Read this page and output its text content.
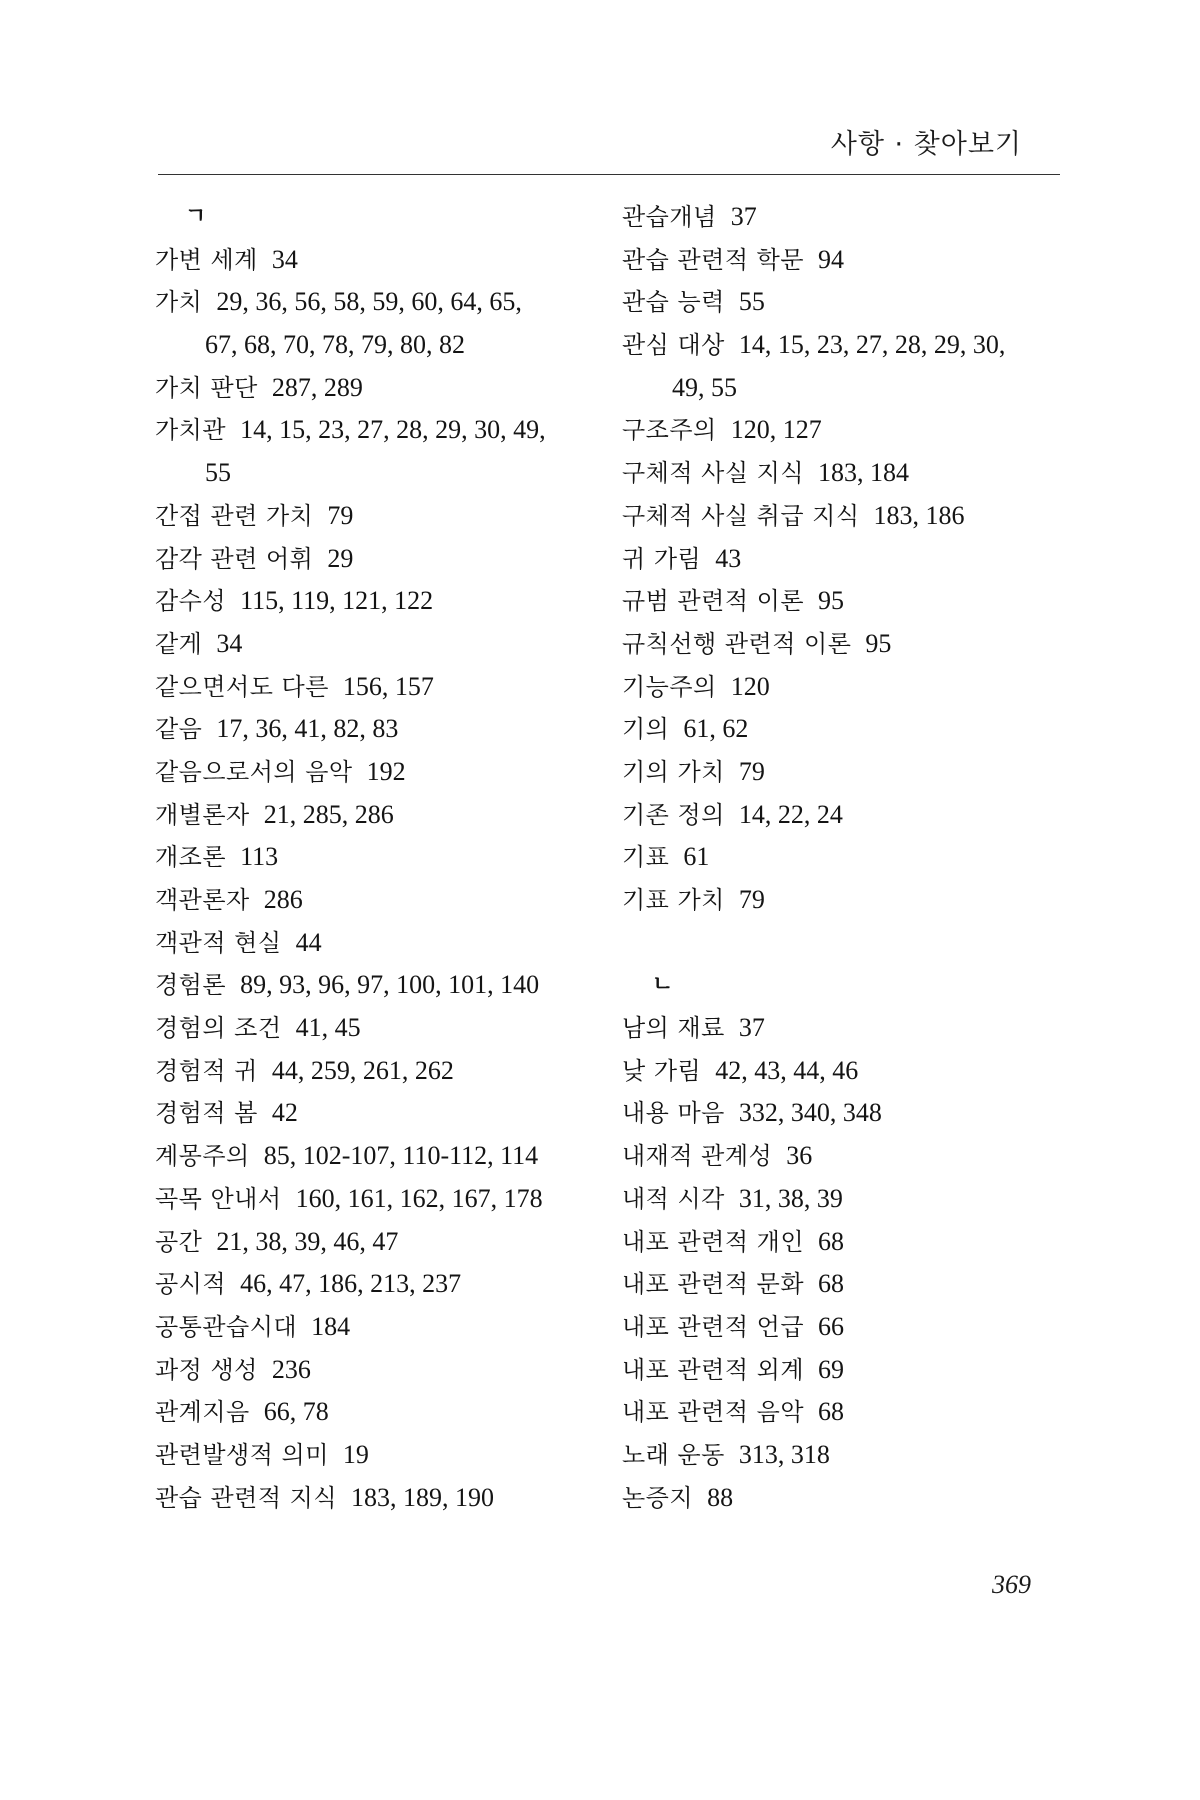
사항 · 찾아보기
ㄱ
가변 세계 34
가치 29, 36, 56, 58, 59, 60, 64, 65,
67, 68, 70, 78, 79, 80, 82
가치 판단 287, 289
가치관 14, 15, 23, 27, 28, 29, 30, 49,
55
간접 관련 가치 79
감각 관련 어휘 29
감수성 115, 119, 121, 122
같게 34
같으면서도 다른 156, 157
같음 17, 36, 41, 82, 83
같음으로서의 음악 192
개별론자 21, 285, 286
개조론 113
객관론자 286
객관적 현실 44
경험론 89, 93, 96, 97, 100, 101, 140
경험의 조건 41, 45
경험적 귀 44, 259, 261, 262
경험적 봄 42
계몽주의 85, 102-107, 110-112, 114
곡목 안내서 160, 161, 162, 167, 178
공간 21, 38, 39, 46, 47
공시적 46, 47, 186, 213, 237
공통관습시대 184
과정 생성 236
관계지음 66, 78
관련발생적 의미 19
관습 관련적 지식 183, 189, 190
관습개념 37
관습 관련적 학문 94
관습 능력 55
관심 대상 14, 15, 23, 27, 28, 29, 30,
49, 55
구조주의 120, 127
구체적 사실 지식 183, 184
구체적 사실 취급 지식 183, 186
귀 가림 43
규범 관련적 이론 95
규칙선행 관련적 이론 95
기능주의 120
기의 61, 62
기의 가치 79
기존 정의 14, 22, 24
기표 61
기표 가치 79
ㄴ
남의 재료 37
낮 가림 42, 43, 44, 46
내용 마음 332, 340, 348
내재적 관계성 36
내적 시각 31, 38, 39
내포 관련적 개인 68
내포 관련적 문화 68
내포 관련적 언급 66
내포 관련적 외계 69
내포 관련적 음악 68
노래 운동 313, 318
논증지 88
369
